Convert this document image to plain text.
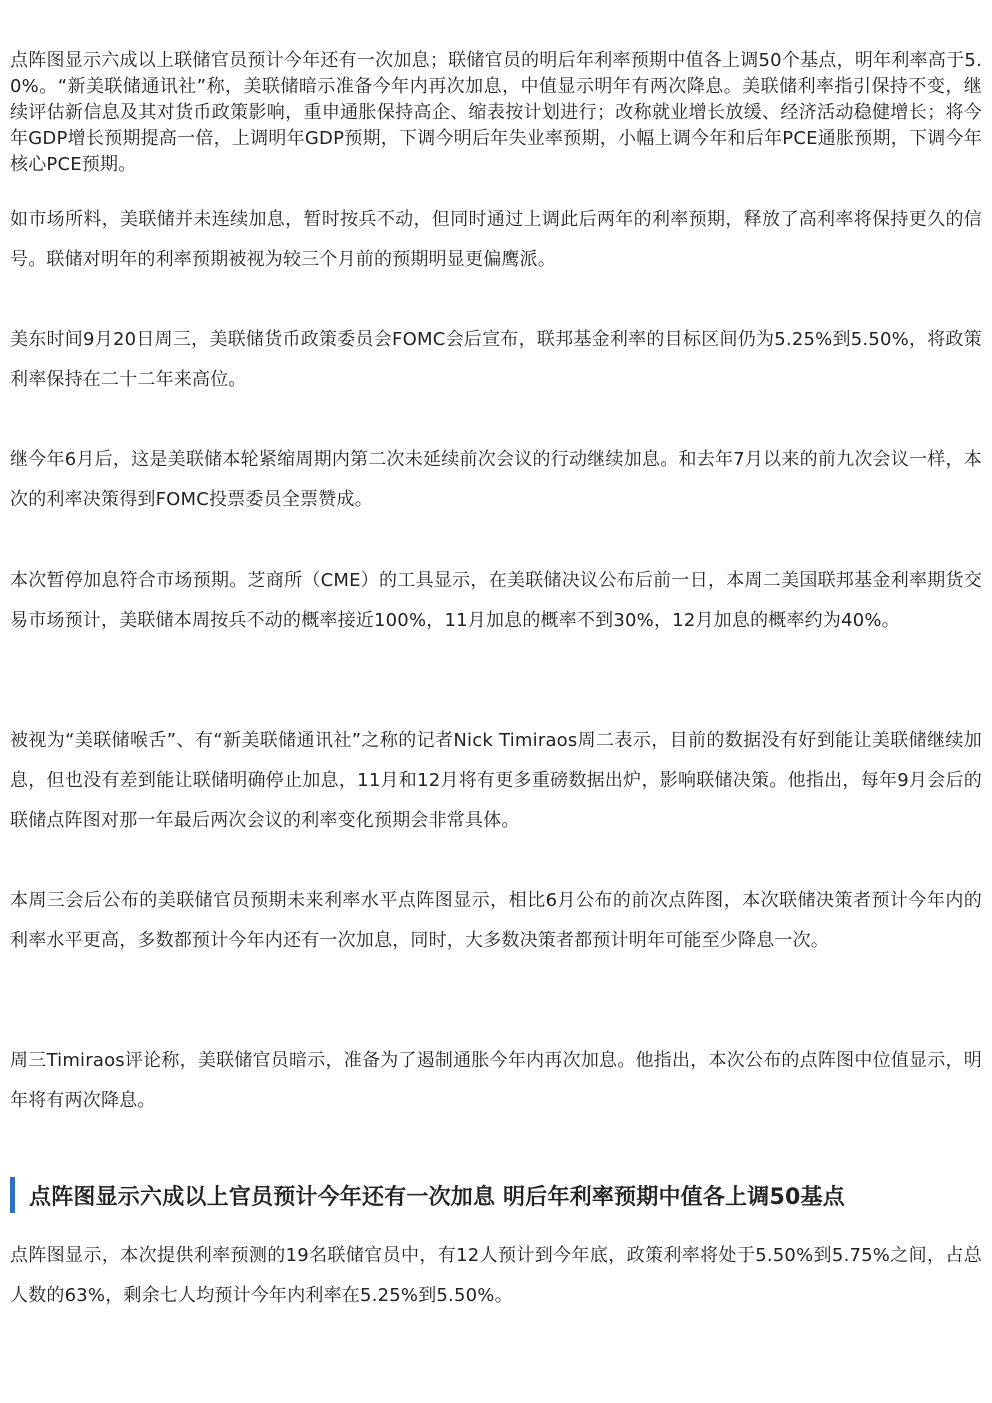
点阵图显示六成以上联储官员预计今年还有一次加息；联储官员的明后年利率预期中值各上调50个基点，明年利率高于5.0%。“新美联储通讯社”称，美联储暗示准备今年内再次加息，中值显示明年有两次降息。美联储利率指引保持不变，继续评估新信息及其对货币政策影响，重申通胀保持高企、缩表按计划进行；改称就业增长放缓、经济活动稳健增长；将今年GDP增长预期提高一倍，上调明年GDP预期，下调今明后年失业率预期，小幅上调今年和后年PCE通胀预期，下调今年核心PCE预期。

如市场所料，美联储并未连续加息，暂时按兵不动，但同时通过上调此后两年的利率预期，释放了高利率将保持更久的信号。联储对明年的利率预期被视为较三个月前的预期明显更偏鹰派。

美东时间9月20日周三，美联储货币政策委员会FOMC会后宣布，联邦基金利率的目标区间仍为5.25%到5.50%，将政策利率保持在二十二年来高位。

继今年6月后，这是美联储本轮紧缩周期内第二次未延续前次会议的行动继续加息。和去年7月以来的前九次会议一样，本次的利率决策得到FOMC投票委员全票赞成。

本次暂停加息符合市场预期。芝商所（CME）的工具显示，在美联储决议公布后前一日，本周二美国联邦基金利率期货交易市场预计，美联储本周按兵不动的概率接近100%，11月加息的概率不到30%，12月加息的概率约为40%。

被视为“美联储喉舌”、有“新美联储通讯社”之称的记者Nick Timiraos周二表示，目前的数据没有好到能让美联储继续加息，但也没有差到能让联储明确停止加息，11月和12月将有更多重磅数据出炉，影响联储决策。他指出，每年9月会后的联储点阵图对那一年最后两次会议的利率变化预期会非常具体。

本周三会后公布的美联储官员预期未来利率水平点阵图显示，相比6月公布的前次点阵图，本次联储决策者预计今年内的利率水平更高，多数都预计今年内还有一次加息，同时，大多数决策者都预计明年可能至少降息一次。

周三Timiraos评论称，美联储官员暗示，准备为了遏制通胀今年内再次加息。他指出，本次公布的点阵图中位值显示，明年将有两次降息。

点阵图显示六成以上官员预计今年还有一次加息 明后年利率预期中值各上调50基点

点阵图显示，本次提供利率预测的19名联储官员中，有12人预计到今年底，政策利率将处于5.50%到5.75%之间，占总人数的63%，剩余七人均预计今年内利率在5.25%到5.50%。
